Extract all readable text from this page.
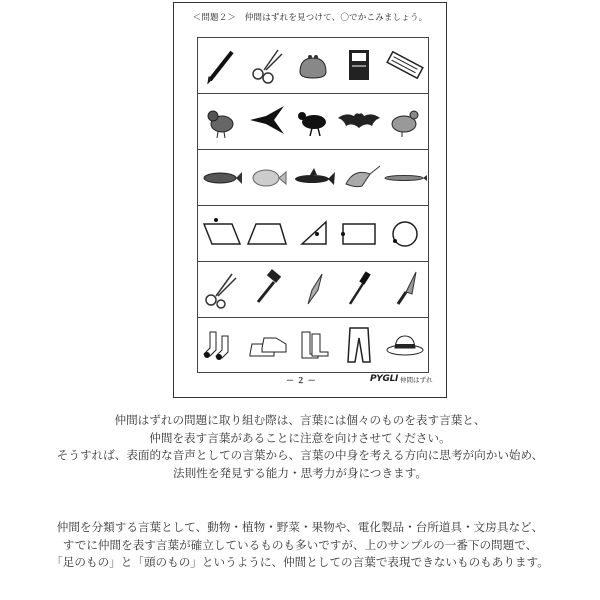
＜問題２＞　仲間はずれを見つけて、〇でかこみましょう。
－ ２ －	PYGLI 仲間はずれ
仲間はずれの問題に取り組む際は、言葉には個々のものを表す言葉と、
仲間を表す言葉があることに注意を向けさせてください。
そうすれば、表面的な音声としての言葉から、言葉の中身を考える方向に思考が向かい始め、
法則性を発見する能力・思考力が身につきます。
仲間を分類する言葉として、動物・植物・野菜・果物や、電化製品・台所道具・文房具など、
すでに仲間を表す言葉が確立しているものも多いですが、上のサンプルの一番下の問題で、
「足のもの」と「頭のもの」というように、仲間としての言葉で表現できないものもあります。
